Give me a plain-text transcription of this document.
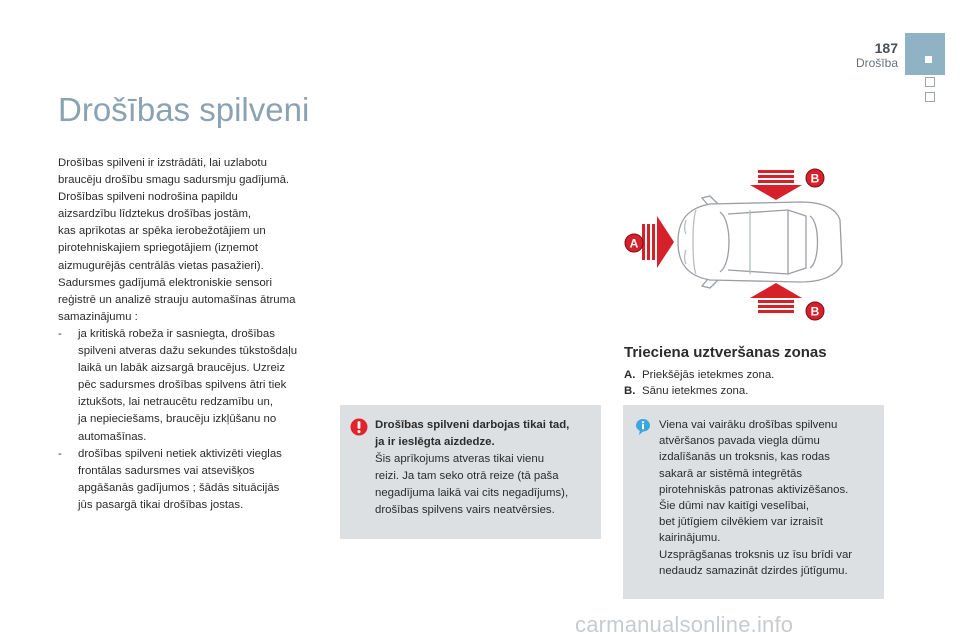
187
Drošība
Drošības spilveni

Drošības spilveni ir izstrādāti, lai uzlabotu

braucēju drošību smagu sadursmju gadījumā.

Drošības spilveni nodrošina papildu

aizsardzību līdztekus drošības jostām,

kas aprīkotas ar spēka ierobežotājiem un

pirotehniskajiem spriegotājiem (izņemot

aizmugurējās centrālās vietas pasažieri).

Sadursmes gadījumā elektroniskie sensori

reģistrē un analizē strauju automašīnas ātruma

samazinājumu :

-	ja kritiskā robeža ir sasniegta, drošības

spilveni atveras dažu sekundes tūkstošdaļu

laikā un labāk aizsargā braucējus. Uzreiz

pēc sadursmes drošības spilvens ātri tiek

iztukšots, lai netraucētu redzamību un,

ja nepieciešams, braucēju izkļūšanu no

automašīnas.

-	drošības spilveni netiek aktivizēti vieglas

frontālas sadursmes vai atsevišķos

apgāšanās gadījumos ; šādās situācijās

jūs pasargā tikai drošības jostas.

A
B
B
Trieciena uztveršanas zonas
A. Priekšējās ietekmes zona.
B. Sānu ietekmes zona.
Drošības spilveni darbojas tikai tad,
ja ir ieslēgta aizdedze.
Šis aprīkojums atveras tikai vienu
reizi. Ja tam seko otrā reize (tā paša
negadījuma laikā vai cits negadījums),
drošības spilvens vairs neatvērsies.
Viena vai vairāku drošības spilvenu
atvēršanos pavada viegla dūmu
izdalīšanās un troksnis, kas rodas
sakarā ar sistēmā integrētās
pirotehniskās patronas aktivizēšanos.
Šie dūmi nav kaitīgi veselībai,
bet jūtīgiem cilvēkiem var izraisīt
kairinājumu.
Uzsprāgšanas troksnis uz īsu brīdi var
nedaudz samazināt dzirdes jūtīgumu.
carmanualsonline.info
